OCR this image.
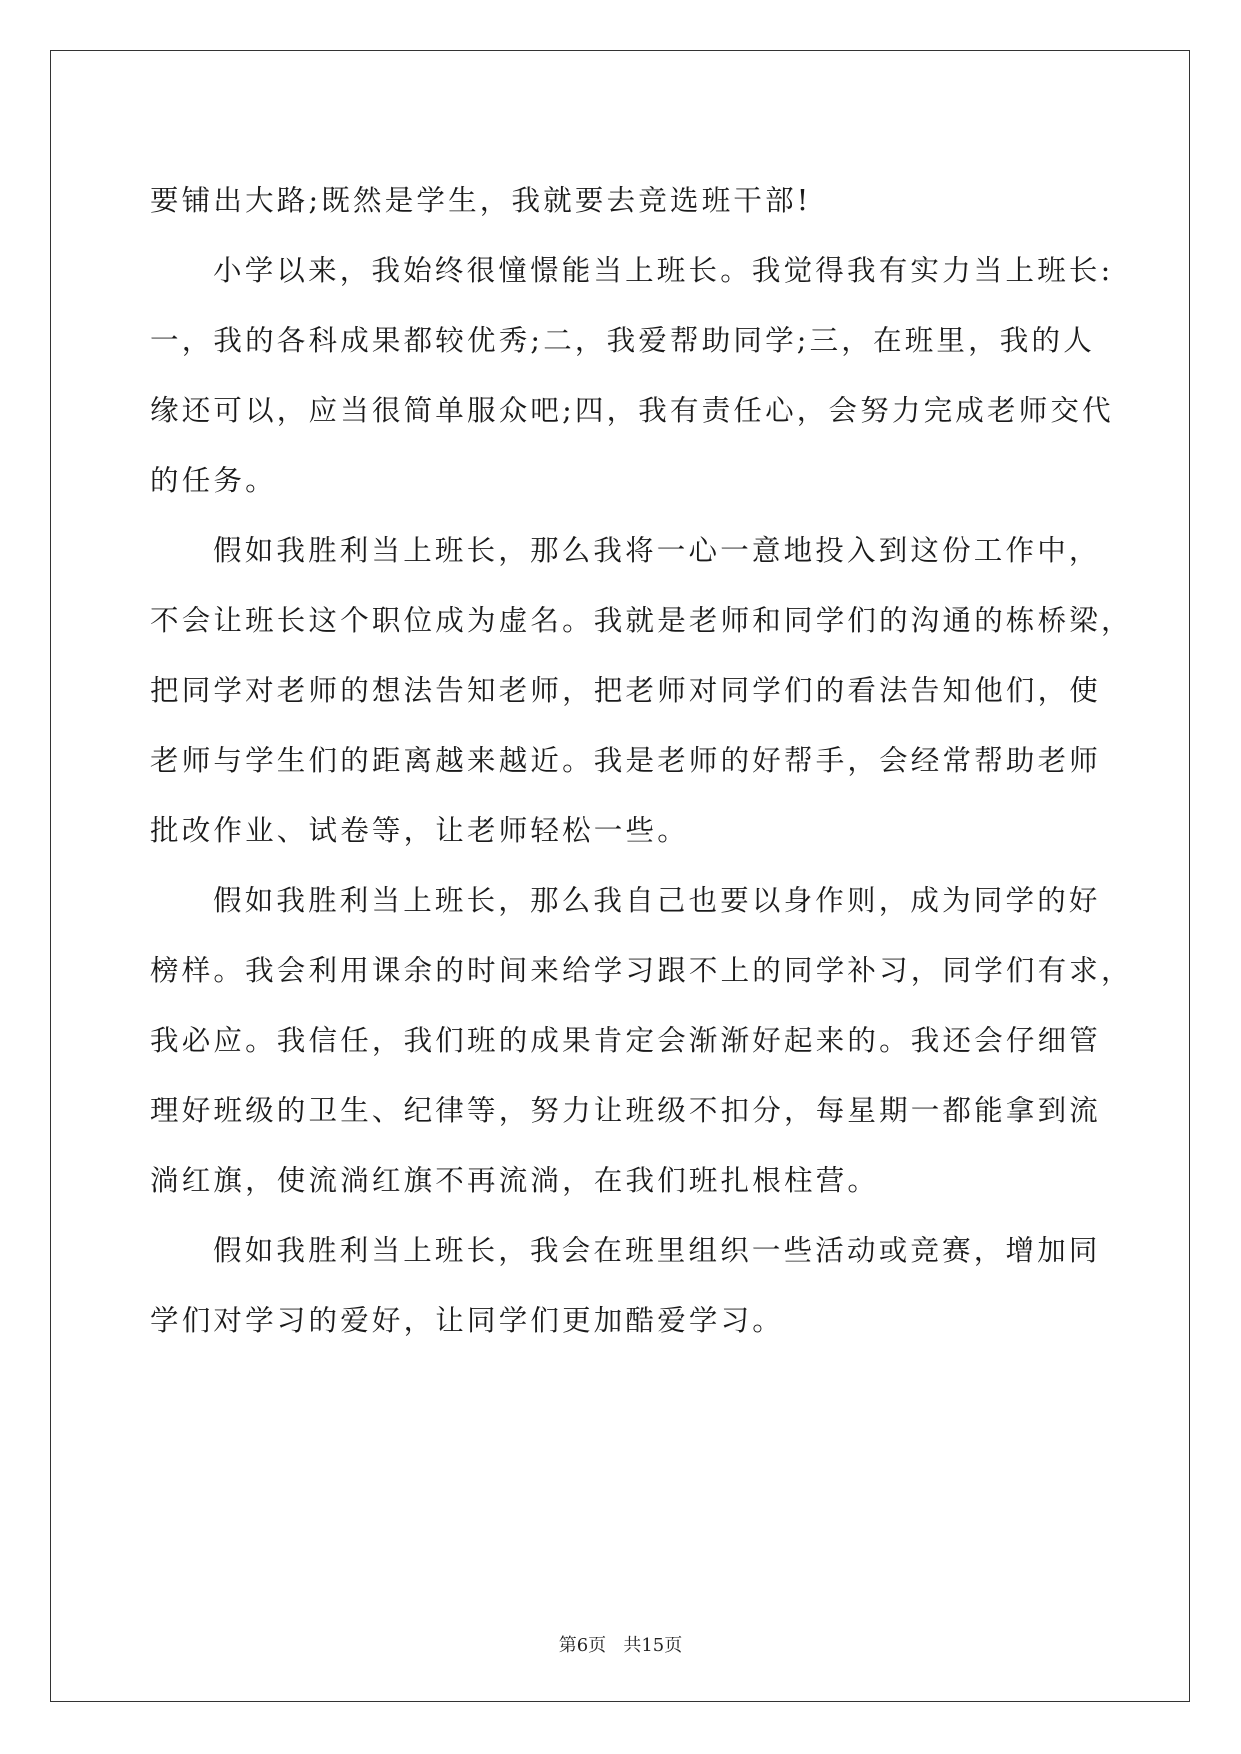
要铺出大路;既然是学生，我就要去竞选班干部!
小学以来，我始终很憧憬能当上班长。我觉得我有实力当上班长:
一，我的各科成果都较优秀;二，我爱帮助同学;三，在班里，我的人
缘还可以，应当很简单服众吧;四，我有责任心，会努力完成老师交代
的任务。
假如我胜利当上班长，那么我将一心一意地投入到这份工作中，
不会让班长这个职位成为虚名。我就是老师和同学们的沟通的栋桥梁，
把同学对老师的想法告知老师，把老师对同学们的看法告知他们，使
老师与学生们的距离越来越近。我是老师的好帮手，会经常帮助老师
批改作业、试卷等，让老师轻松一些。
假如我胜利当上班长，那么我自己也要以身作则，成为同学的好
榜样。我会利用课余的时间来给学习跟不上的同学补习，同学们有求，
我必应。我信任，我们班的成果肯定会渐渐好起来的。我还会仔细管
理好班级的卫生、纪律等，努力让班级不扣分，每星期一都能拿到流
淌红旗，使流淌红旗不再流淌，在我们班扎根柱营。
假如我胜利当上班长，我会在班里组织一些活动或竞赛，增加同
学们对学习的爱好，让同学们更加酷爱学习。
第6页 共15页
